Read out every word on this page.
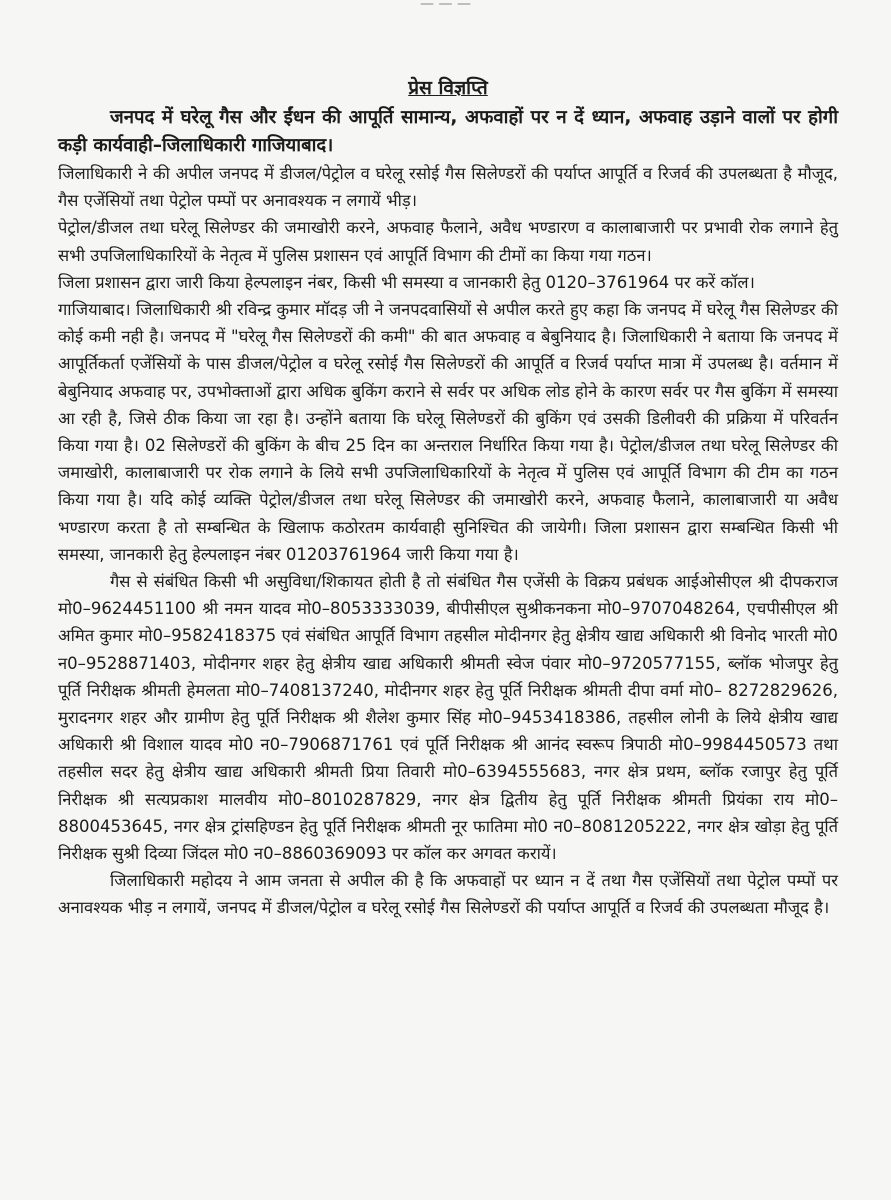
— — —

प्रेस विज्ञप्ति

जनपद में घरेलू गैस और ईंधन की आपूर्ति सामान्य, अफवाहों पर न दें ध्यान, अफवाह उड़ाने वालों पर होगी कड़ी कार्यवाही–जिलाधिकारी गाजियाबाद।

जिलाधिकारी ने की अपील जनपद में डीजल/पेट्रोल व घरेलू रसोई गैस सिलेण्डरों की पर्याप्त आपूर्ति व रिजर्व की उपलब्धता है मौजूद, गैस एजेंसियों तथा पेट्रोल पम्पों पर अनावश्यक न लगायें भीड़।

पेट्रोल/डीजल तथा घरेलू सिलेण्डर की जमाखोरी करने, अफवाह फैलाने, अवैध भण्डारण व कालाबाजारी पर प्रभावी रोक लगाने हेतु सभी उपजिलाधिकारियों के नेतृत्व में पुलिस प्रशासन एवं आपूर्ति विभाग की टीमों का किया गया गठन।

जिला प्रशासन द्वारा जारी किया हेल्पलाइन नंबर, किसी भी समस्या व जानकारी हेतु 0120–3761964 पर करें कॉल।

गाजियाबाद। जिलाधिकारी श्री रविन्द्र कुमार मॉदड़ जी ने जनपदवासियों से अपील करते हुए कहा कि जनपद में घरेलू गैस सिलेण्डर की कोई कमी नही है। जनपद में "घरेलू गैस सिलेण्डरों की कमी" की बात अफवाह व बेबुनियाद है। जिलाधिकारी ने बताया कि जनपद में आपूर्तिकर्ता एजेंसियों के पास डीजल/पेट्रोल व घरेलू रसोई गैस सिलेण्डरों की आपूर्ति व रिजर्व पर्याप्त मात्रा में उपलब्ध है। वर्तमान में बेबुनियाद अफवाह पर, उपभोक्ताओं द्वारा अधिक बुकिंग कराने से सर्वर पर अधिक लोड होने के कारण सर्वर पर गैस बुकिंग में समस्या आ रही है, जिसे ठीक किया जा रहा है। उन्होंने बताया कि घरेलू सिलेण्डरों की बुकिंग एवं उसकी डिलीवरी की प्रक्रिया में परिवर्तन किया गया है। 02 सिलेण्डरों की बुकिंग के बीच 25 दिन का अन्तराल निर्धारित किया गया है। पेट्रोल/डीजल तथा घरेलू सिलेण्डर की जमाखोरी, कालाबाजारी पर रोक लगाने के लिये सभी उपजिलाधिकारियों के नेतृत्व में पुलिस एवं आपूर्ति विभाग की टीम का गठन किया गया है। यदि कोई व्यक्ति पेट्रोल/डीजल तथा घरेलू सिलेण्डर की जमाखोरी करने, अफवाह फैलाने, कालाबाजारी या अवैध भण्डारण करता है तो सम्बन्धित के खिलाफ कठोरतम कार्यवाही सुनिश्चित की जायेगी। जिला प्रशासन द्वारा सम्बन्धित किसी भी समस्या, जानकारी हेतु हेल्पलाइन नंबर 01203761964 जारी किया गया है।

गैस से संबंधित किसी भी असुविधा/शिकायत होती है तो संबंधित गैस एजेंसी के विक्रय प्रबंधक आईओसीएल श्री दीपकराज मो0–9624451100 श्री नमन यादव मो0–8053333039, बीपीसीएल सुश्रीकनकना मो0–9707048264, एचपीसीएल श्री अमित कुमार मो0–9582418375 एवं संबंधित आपूर्ति विभाग तहसील मोदीनगर हेतु क्षेत्रीय खाद्य अधिकारी श्री विनोद भारती मो0 न0–9528871403, मोदीनगर शहर हेतु क्षेत्रीय खाद्य अधिकारी श्रीमती स्वेज पंवार मो0–9720577155, ब्लॉक भोजपुर हेतु पूर्ति निरीक्षक श्रीमती हेमलता मो0–7408137240, मोदीनगर शहर हेतु पूर्ति निरीक्षक श्रीमती दीपा वर्मा मो0– 8272829626, मुरादनगर शहर और ग्रामीण हेतु पूर्ति निरीक्षक श्री शैलेश कुमार सिंह मो0–9453418386, तहसील लोनी के लिये क्षेत्रीय खाद्य अधिकारी श्री विशाल यादव मो0 न0–7906871761 एवं पूर्ति निरीक्षक श्री आनंद स्वरूप त्रिपाठी मो0–9984450573 तथा तहसील सदर हेतु क्षेत्रीय खाद्य अधिकारी श्रीमती प्रिया तिवारी मो0–6394555683, नगर क्षेत्र प्रथम, ब्लॉक रजापुर हेतु पूर्ति निरीक्षक श्री सत्यप्रकाश मालवीय मो0–8010287829, नगर क्षेत्र द्वितीय हेतु पूर्ति निरीक्षक श्रीमती प्रियंका राय मो0–8800453645, नगर क्षेत्र ट्रांसहिण्डन हेतु पूर्ति निरीक्षक श्रीमती नूर फातिमा मो0 न0–8081205222, नगर क्षेत्र खोड़ा हेतु पूर्ति निरीक्षक सुश्री दिव्या जिंदल मो0 न0–8860369093 पर कॉल कर अगवत करायें।

जिलाधिकारी महोदय ने आम जनता से अपील की है कि अफवाहों पर ध्यान न दें तथा गैस एजेंसियों तथा पेट्रोल पम्पों पर अनावश्यक भीड़ न लगायें, जनपद में डीजल/पेट्रोल व घरेलू रसोई गैस सिलेण्डरों की पर्याप्त आपूर्ति व रिजर्व की उपलब्धता मौजूद है।
